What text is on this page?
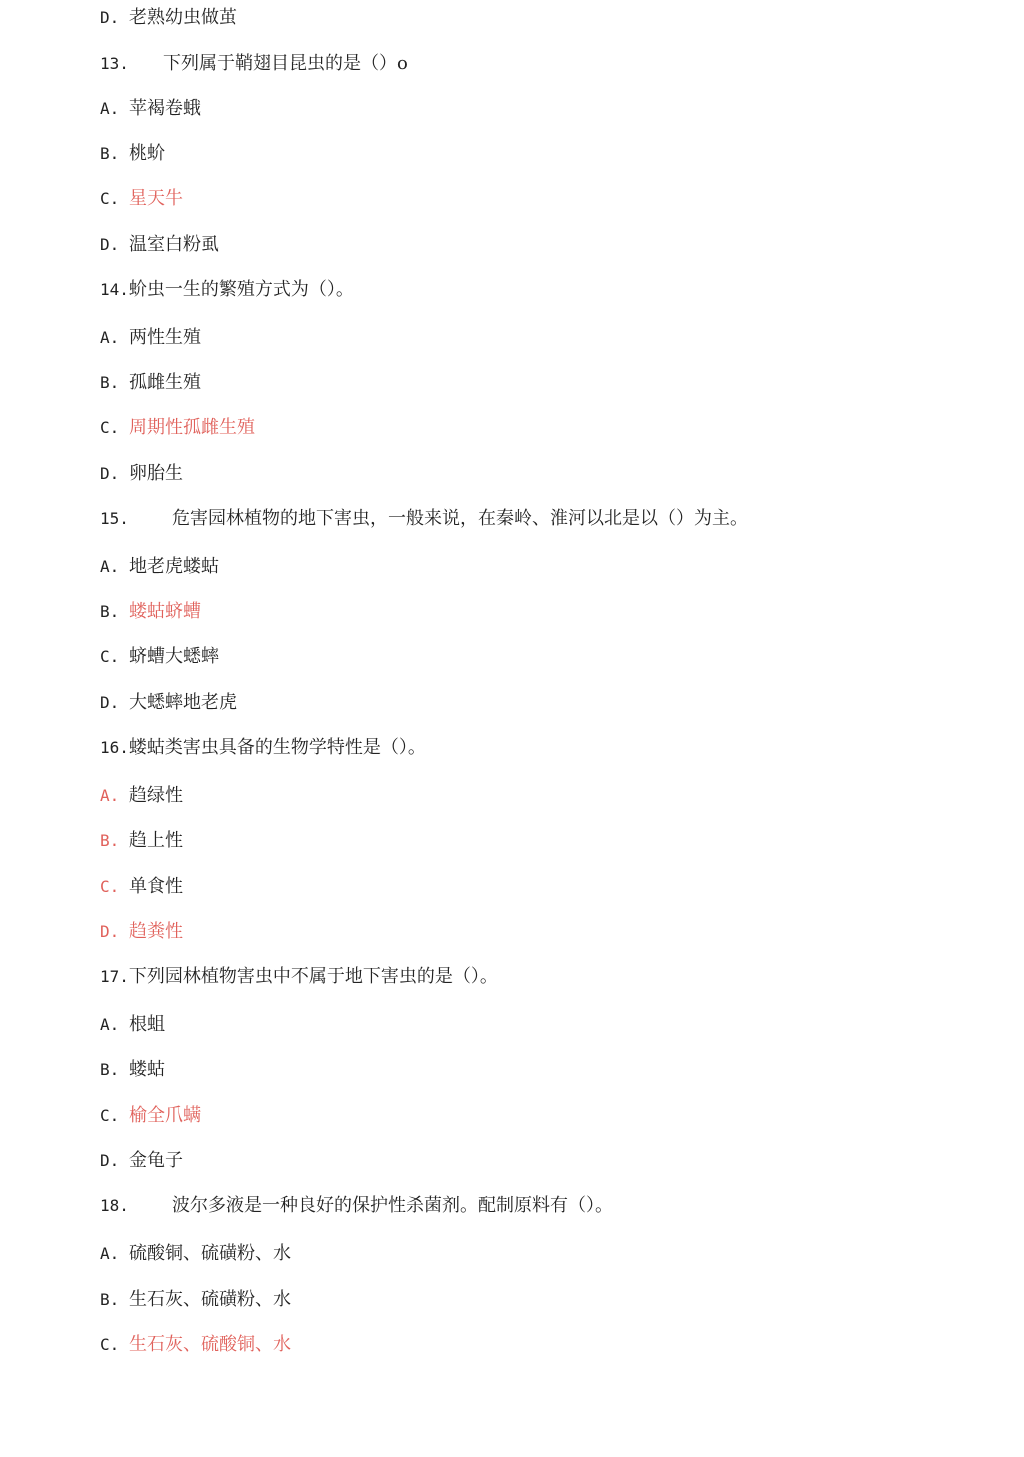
D. 老熟幼虫做茧
13. 下列属于鞘翅目昆虫的是（）o
A. 苹褐卷蛾
B. 桃蚧
C. 星天牛
D. 温室白粉虱
14.蚧虫一生的繁殖方式为（）。
A. 两性生殖
B. 孤雌生殖
C. 周期性孤雌生殖
D. 卵胎生
15. 危害园林植物的地下害虫，一般来说，在秦岭、淮河以北是以（）为主。
A. 地老虎蝼蛄
B. 蝼蛄蛴螬
C. 蛴螬大蟋蟀
D. 大蟋蟀地老虎
16.蝼蛄类害虫具备的生物学特性是（）。
A. 趋绿性
B. 趋上性
C. 单食性
D. 趋粪性
17.下列园林植物害虫中不属于地下害虫的是（）。
A. 根蛆
B. 蝼蛄
C. 榆全爪螨
D. 金龟子
18. 波尔多液是一种良好的保护性杀菌剂。配制原料有（）。
A. 硫酸铜、硫磺粉、水
B. 生石灰、硫磺粉、水
C. 生石灰、硫酸铜、水
